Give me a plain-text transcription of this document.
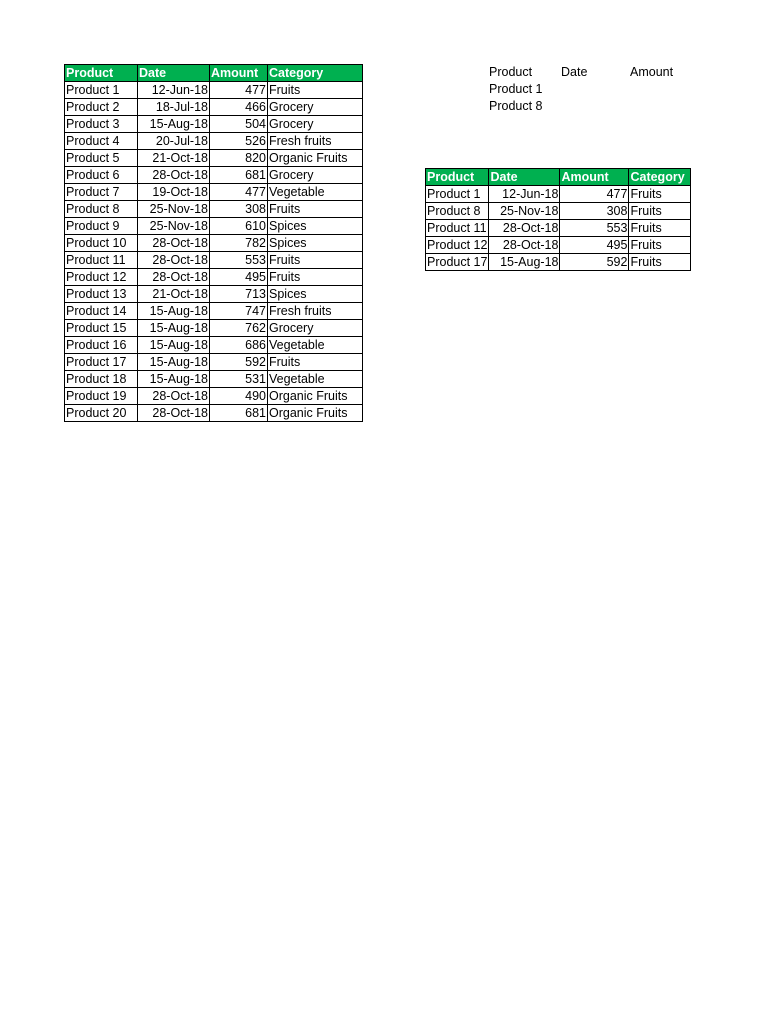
Product	Date	Amount	Category
Product 1	12-Jun-18	477	Fruits
Product 2	18-Jul-18	466	Grocery
Product 3	15-Aug-18	504	Grocery
Product 4	20-Jul-18	526	Fresh fruits
Product 5	21-Oct-18	820	Organic Fruits
Product 6	28-Oct-18	681	Grocery
Product 7	19-Oct-18	477	Vegetable
Product 8	25-Nov-18	308	Fruits
Product 9	25-Nov-18	610	Spices
Product 10	28-Oct-18	782	Spices
Product 11	28-Oct-18	553	Fruits
Product 12	28-Oct-18	495	Fruits
Product 13	21-Oct-18	713	Spices
Product 14	15-Aug-18	747	Fresh fruits
Product 15	15-Aug-18	762	Grocery
Product 16	15-Aug-18	686	Vegetable
Product 17	15-Aug-18	592	Fruits
Product 18	15-Aug-18	531	Vegetable
Product 19	28-Oct-18	490	Organic Fruits
Product 20	28-Oct-18	681	Organic Fruits
Product Date	Amount
Product 1
Product 8
Product	Date	Amount	Category
Product 1	12-Jun-18	477	Fruits
Product 8	25-Nov-18	308	Fruits
Product 11	28-Oct-18	553	Fruits
Product 12	28-Oct-18	495	Fruits
Product 17	15-Aug-18	592	Fruits
